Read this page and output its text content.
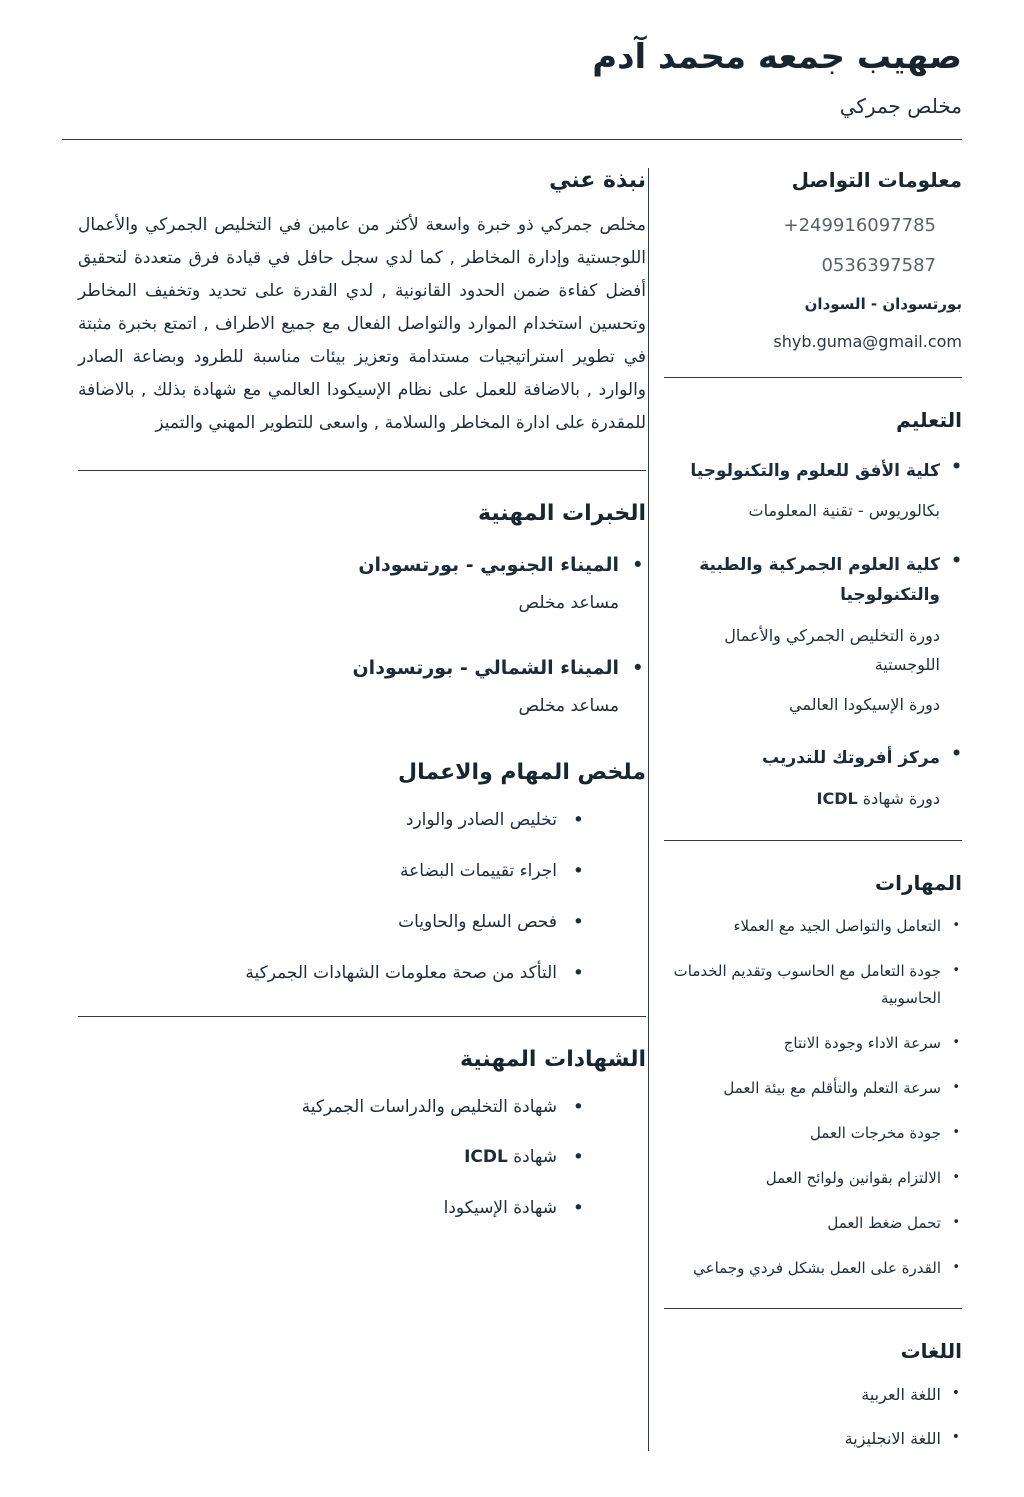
صهيب جمعه محمد آدم
مخلص جمركي
معلومات التواصل
+249916097785
0536397587
بورتسودان - السودان
shyb.guma@gmail.com
التعليم
• كلية الأفق للعلوم والتكنولوجيا
بكالوريوس - تقنية المعلومات
• كلية العلوم الجمركية والطبية والتكنولوجيا
دورة التخليص الجمركي والأعمال اللوجستية
دورة الإسيكودا العالمي
• مركز أفروتك للتدريب
دورة شهادة ICDL
المهارات
• التعامل والتواصل الجيد مع العملاء
• جودة التعامل مع الحاسوب وتقديم الخدمات الحاسوبية
• سرعة الاداء وجودة الانتاج
• سرعة التعلم والتأقلم مع بيئة العمل
• جودة مخرجات العمل
• الالتزام بقوانين ولوائح العمل
• تحمل ضغط العمل
• القدرة على العمل بشكل فردي وجماعي
اللغات
• اللغة العربية
• اللغة الانجليزية
نبذة عني

مخلص جمركي ذو خبرة واسعة لأكثر من عامين في التخليص الجمركي والأعمال اللوجستية وإدارة المخاطر , كما لدي سجل حافل في قيادة فرق متعددة لتحقيق أفضل كفاءة ضمن الحدود القانونية , لدي القدرة على تحديد وتخفيف المخاطر وتحسين استخدام الموارد والتواصل الفعال مع جميع الاطراف , اتمتع بخبرة مثبتة في تطوير استراتيجيات مستدامة وتعزيز بيئات مناسبة للطرود وبضاعة الصادر والوارد , بالاضافة للعمل على نظام الإسيكودا العالمي مع شهادة بذلك , بالاضافة للمقدرة على ادارة المخاطر والسلامة , واسعى للتطوير المهني والتميز

الخبرات المهنية
• الميناء الجنوبي - بورتسودان
مساعد مخلص
• الميناء الشمالي - بورتسودان
مساعد مخلص
ملخص المهام والاعمال
• تخليص الصادر والوارد
• اجراء تقييمات البضاعة
• فحص السلع والحاويات
• التأكد من صحة معلومات الشهادات الجمركية
الشهادات المهنية
• شهادة التخليص والدراسات الجمركية
• شهادة ICDL
• شهادة الإسيكودا
